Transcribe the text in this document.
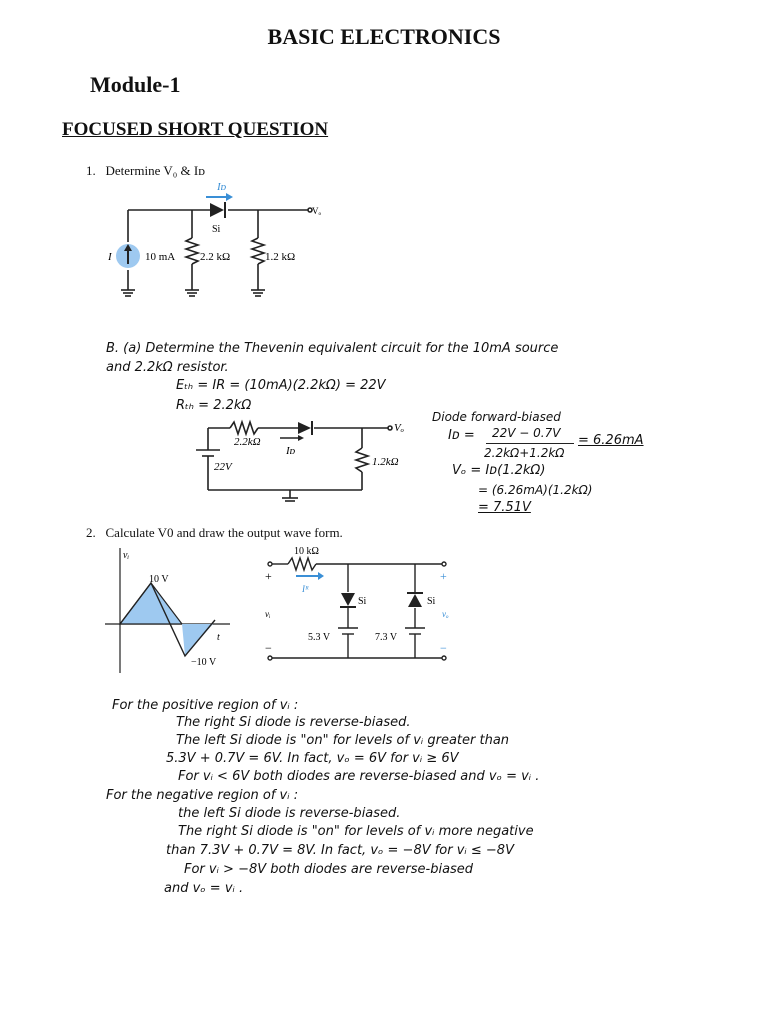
BASIC ELECTRONICS
Module-1
FOCUSED SHORT QUESTION
1. Determine V₀ & Iᴅ
Iᴅ
Si
Vₒ
I	10 mA 2.2 kΩ	1.2 kΩ
B. (a) Determine the Thevenin equivalent circuit for the 10mA source
and 2.2kΩ resistor.
Eₜₕ = IR = (10mA)(2.2kΩ) = 22V
Rₜₕ = 2.2kΩ
2.2kΩ
Iᴅ
Vₒ
22V	1.2kΩ
Diode forward-biased
Iᴅ = 22V − 0.7V
2.2kΩ+1.2kΩ
= 6.26mA
Vₒ = Iᴅ(1.2kΩ)
= (6.26mA)(1.2kΩ)
= 7.51V
2. Calculate V0 and draw the output wave form.
vᵢ
10 V
−10 V
t
10 kΩ
+
−
+
−
Iᴿ
vᵢ	vₒ
Si	Si
5.3 V	7.3 V
For the positive region of vᵢ :
The right Si diode is reverse-biased.
The left Si diode is "on" for levels of vᵢ greater than
5.3V + 0.7V = 6V. In fact, vₒ = 6V for vᵢ ≥ 6V
For vᵢ < 6V both diodes are reverse-biased and vₒ = vᵢ .
For the negative region of vᵢ :
the left Si diode is reverse-biased.
The right Si diode is "on" for levels of vᵢ more negative
than 7.3V + 0.7V = 8V. In fact, vₒ = −8V for vᵢ ≤ −8V
For vᵢ > −8V both diodes are reverse-biased
and vₒ = vᵢ .
